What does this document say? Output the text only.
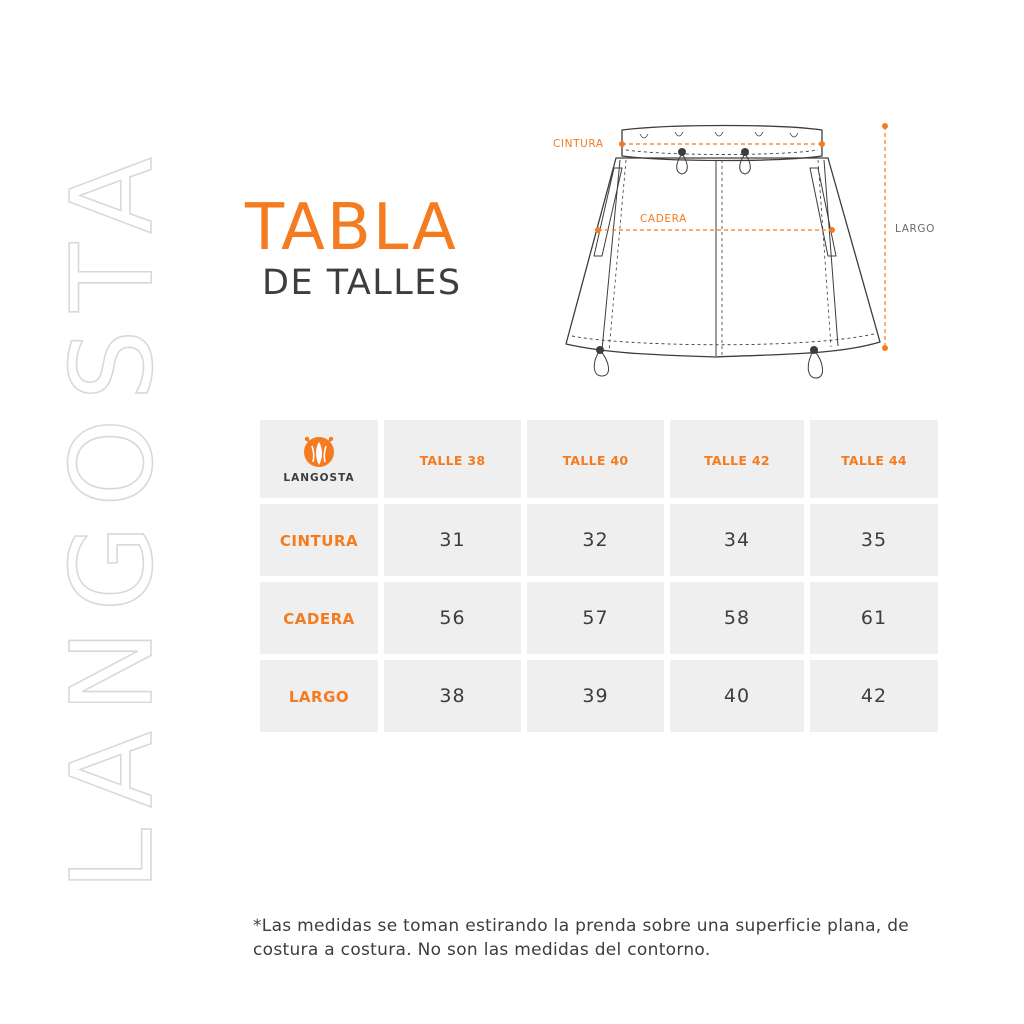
LANGOSTA TABLA
DE TALLES
CINTURA
CADERA
LARGO
LANGOSTA	TALLE 38	TALLE 40	TALLE 42	TALLE 44
CINTURA	31	32	34	35
CADERA	56	57	58	61
LARGO	38	39	40	42

*Las medidas se toman estirando la prenda sobre una superficie plana, de costura a costura. No son las medidas del contorno.
